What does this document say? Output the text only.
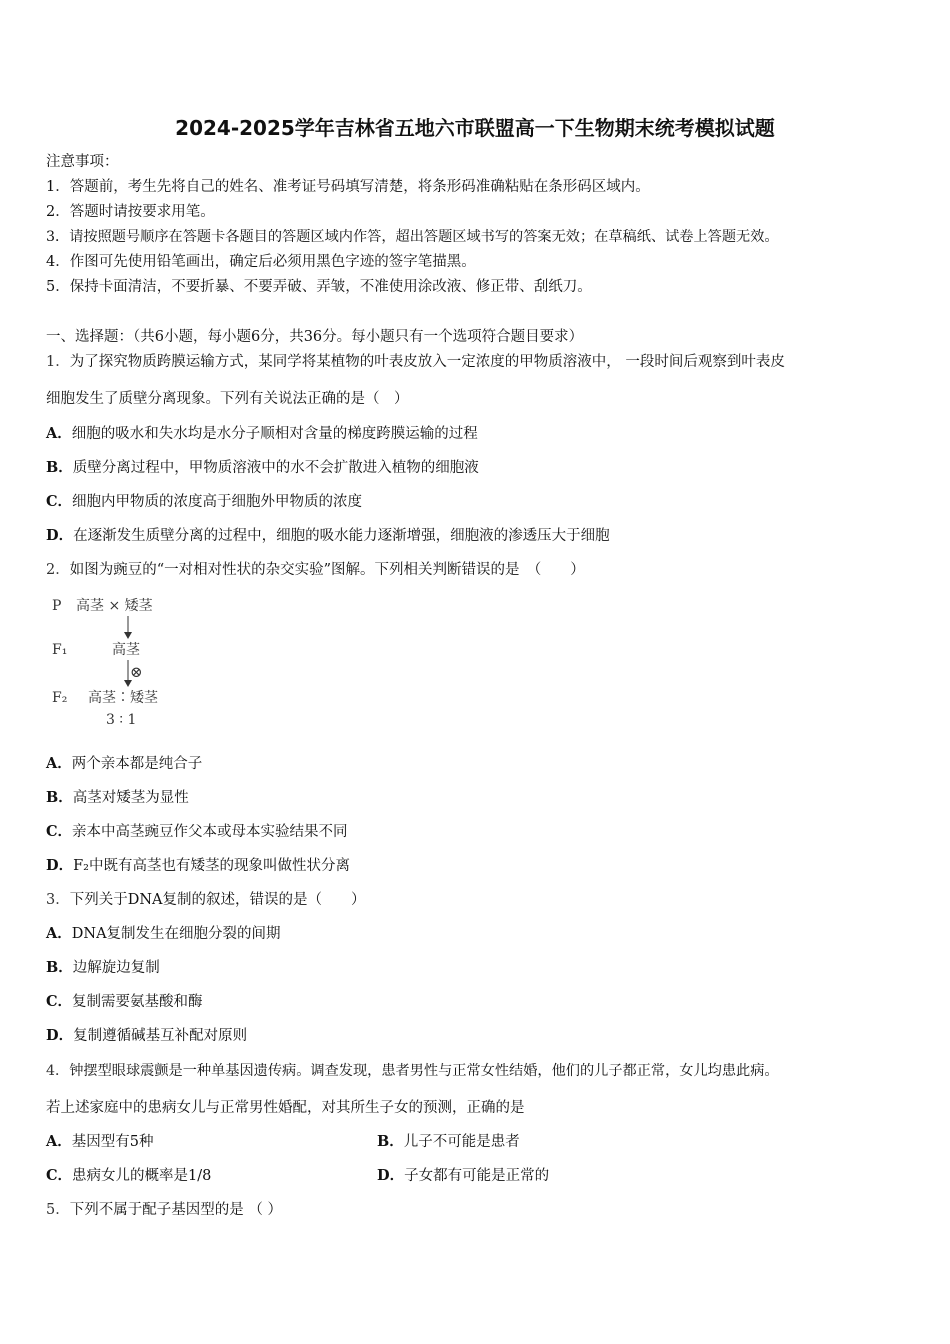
2024-2025学年吉林省五地六市联盟高一下生物期末统考模拟试题
注意事项：
1．答题前，考生先将自己的姓名、准考证号码填写清楚，将条形码准确粘贴在条形码区域内。
2．答题时请按要求用笔。
3．请按照题号顺序在答题卡各题目的答题区域内作答，超出答题区域书写的答案无效；在草稿纸、试卷上答题无效。
4．作图可先使用铅笔画出，确定后必须用黑色字迹的签字笔描黑。
5．保持卡面清洁，不要折暴、不要弄破、弄皱，不准使用涂改液、修正带、刮纸刀。
一、选择题：（共6小题，每小题6分，共36分。每小题只有一个选项符合题目要求）
1．为了探究物质跨膜运输方式，某同学将某植物的叶表皮放入一定浓度的甲物质溶液中， 一段时间后观察到叶表皮
细胞发生了质壁分离现象。下列有关说法正确的是（　）
A．细胞的吸水和失水均是水分子顺相对含量的梯度跨膜运输的过程
B．质壁分离过程中，甲物质溶液中的水不会扩散进入植物的细胞液
C．细胞内甲物质的浓度高于细胞外甲物质的浓度
D．在逐渐发生质壁分离的过程中，细胞的吸水能力逐渐增强，细胞液的渗透压大于细胞
2．如图为豌豆的“一对相对性状的杂交实验”图解。下列相关判断错误的是　（　　）
P 高茎 × 矮茎
F₁	高茎
⊗
F₂ 高茎∶矮茎
3 ∶ 1
A．两个亲本都是纯合子
B．高茎对矮茎为显性
C．亲本中高茎豌豆作父本或母本实验结果不同
D．F₂中既有高茎也有矮茎的现象叫做性状分离
3．下列关于DNA复制的叙述，错误的是（　　）
A．DNA复制发生在细胞分裂的间期
B．边解旋边复制
C．复制需要氨基酸和酶
D．复制遵循碱基互补配对原则
4．钟摆型眼球震颤是一种单基因遗传病。调查发现，患者男性与正常女性结婚，他们的儿子都正常，女儿均患此病。
若上述家庭中的患病女儿与正常男性婚配，对其所生子女的预测，正确的是
A．基因型有5种	B．儿子不可能是患者
C．患病女儿的概率是1/8	D．子女都有可能是正常的
5．下列不属于配子基因型的是 （ ）
